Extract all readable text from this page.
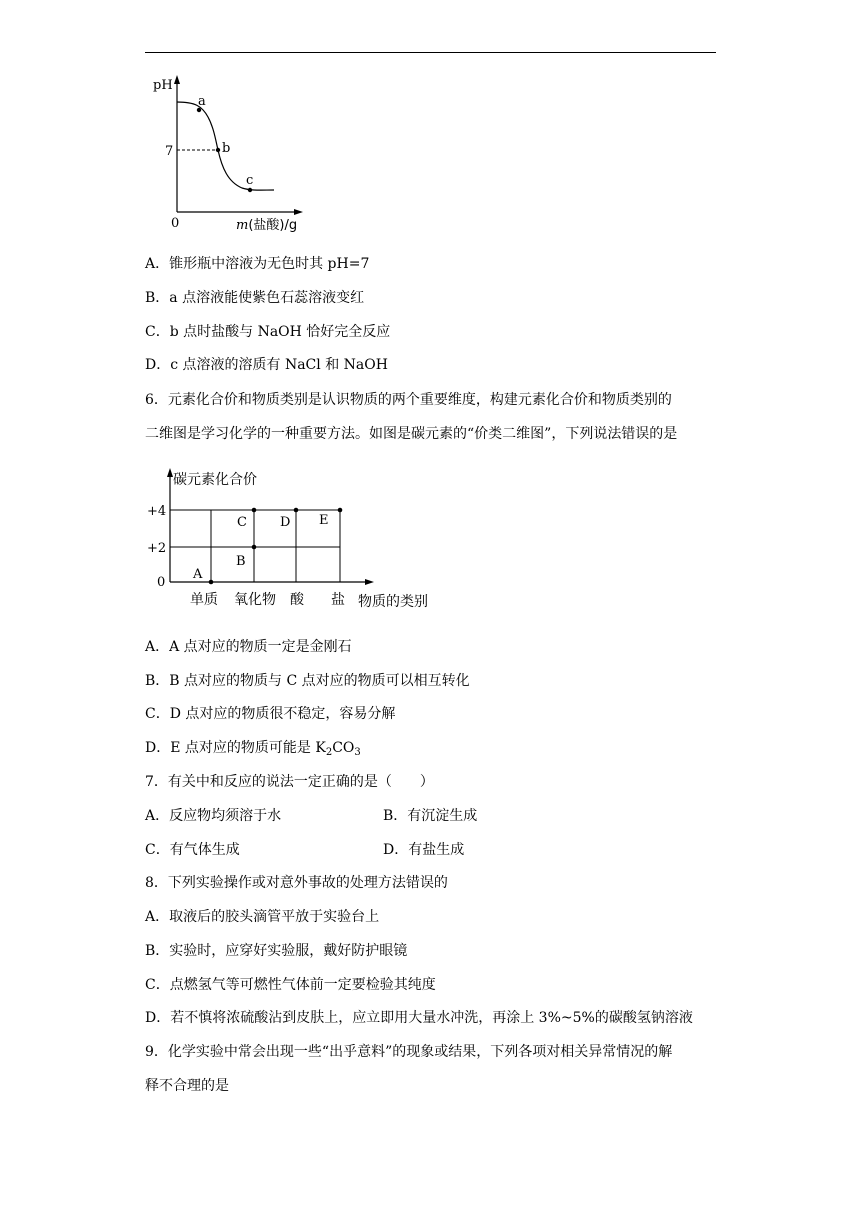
a
b
c
pH
7
0	m(盐酸)/g
A．锥形瓶中溶液为无色时其 pH=7
B．a 点溶液能使紫色石蕊溶液变红
C．b 点时盐酸与 NaOH 恰好完全反应
D．c 点溶液的溶质有 NaCl 和 NaOH
6．元素化合价和物质类别是认识物质的两个重要维度，构建元素化合价和物质类别的
二维图是学习化学的一种重要方法。如图是碳元素的“价类二维图”，下列说法错误的是
A
B
C	D E
+4
+2
0
碳元素化合价
单质 氧化物 酸 盐 物质的类别
A．A 点对应的物质一定是金刚石
B．B 点对应的物质与 C 点对应的物质可以相互转化
C．D 点对应的物质很不稳定，容易分解
D．E 点对应的物质可能是 $K_2CO_3$
7．有关中和反应的说法一定正确的是（　　）
A．反应物均须溶于水	B．有沉淀生成
C．有气体生成	D．有盐生成
8．下列实验操作或对意外事故的处理方法错误的
A．取液后的胶头滴管平放于实验台上
B．实验时，应穿好实验服，戴好防护眼镜
C．点燃氢气等可燃性气体前一定要检验其纯度
D．若不慎将浓硫酸沾到皮肤上，应立即用大量水冲洗，再涂上 3%~5%的碳酸氢钠溶液
9．化学实验中常会出现一些“出乎意料”的现象或结果，下列各项对相关异常情况的解
释不合理的是
